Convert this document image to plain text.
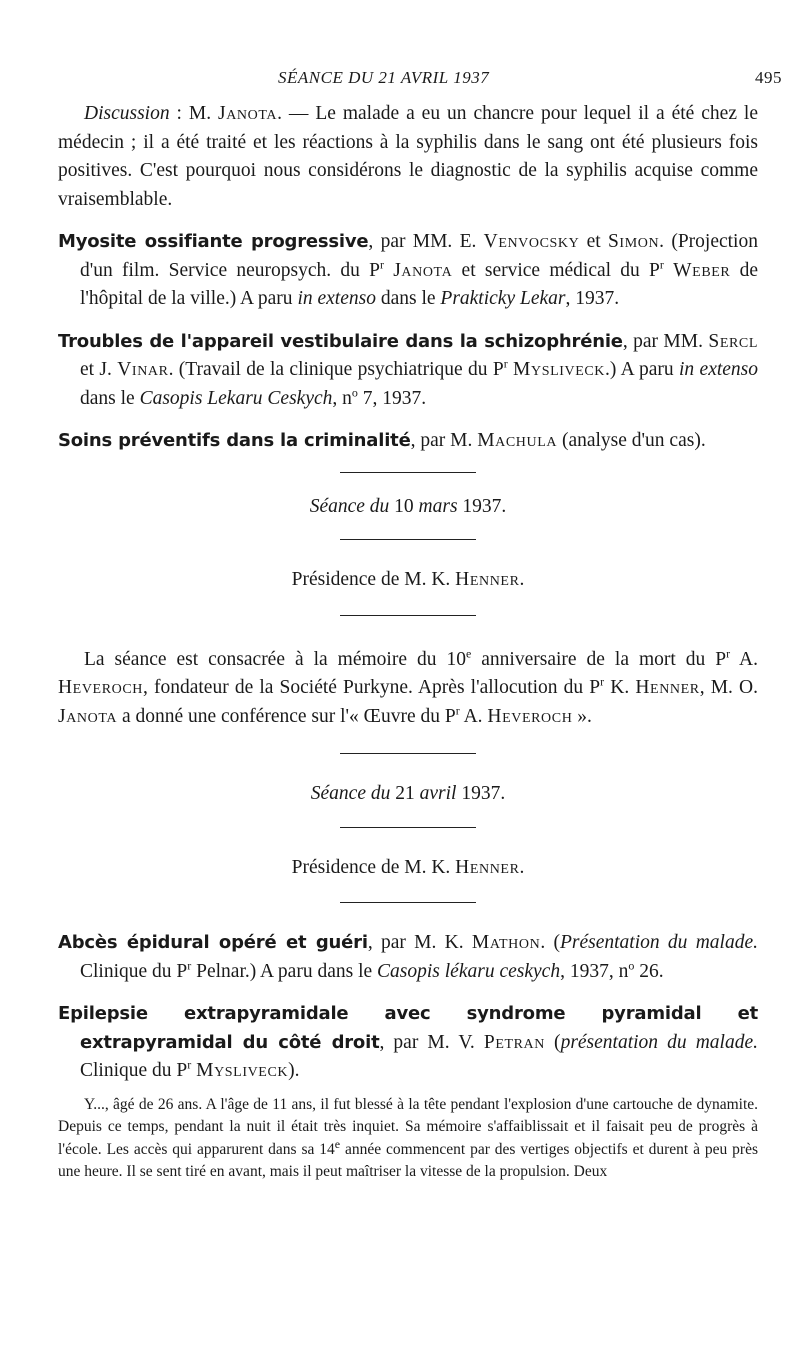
SÉANCE DU 21 AVRIL 1937	495

Discussion : M. Janota. — Le malade a eu un chancre pour lequel il a été chez le médecin ; il a été traité et les réactions à la syphilis dans le sang ont été plusieurs fois positives. C'est pourquoi nous considérons le diagnostic de la syphilis acquise comme vraisemblable.

Myosite ossifiante progressive, par MM. E. Venvocsky et Simon. (Projection d'un film. Service neuropsych. du $P^r$ Janota et service médical du $P^r$ Weber de l'hôpital de la ville.) A paru in extenso dans le Prakticky Lekar, 1937.

Troubles de l'appareil vestibulaire dans la schizophrénie, par MM. Sercl et J. Vinar. (Travail de la clinique psychiatrique du $P^r$ Mysliveck.) A paru in extenso dans le Casopis Lekaru Ceskych, $n^o$ 7, 1937.

Soins préventifs dans la criminalité, par M. Machula (analyse d'un cas).

Séance du 10 mars 1937.

Présidence de M. K. Henner.

La séance est consacrée à la mémoire du 10e anniversaire de la mort du $P^r$ A. Heveroch, fondateur de la Société Purkyne. Après l'allocution du $P^r$ K. Henner, M. O. Janota a donné une conférence sur l'« Œuvre du $P^r$ A. Heveroch ».

Séance du 21 avril 1937.

Présidence de M. K. Henner.

Abcès épidural opéré et guéri, par M. K. Mathon. (Présentation du malade. Clinique du $P^r$ Pelnar.) A paru dans le Casopis lékaru ceskych, 1937, $n^o$ 26.

Epilepsie extrapyramidale avec syndrome pyramidal et extrapyramidal du côté droit, par M. V. Petran (présentation du malade. Clinique du $P^r$ Mysliveck).

Y..., âgé de 26 ans. A l'âge de 11 ans, il fut blessé à la tête pendant l'explosion d'une cartouche de dynamite. Depuis ce temps, pendant la nuit il était très inquiet. Sa mémoire s'affaiblissait et il faisait peu de progrès à l'école. Les accès qui apparurent dans sa 14e année commencent par des vertiges objectifs et durent à peu près une heure. Il se sent tiré en avant, mais il peut maîtriser la vitesse de la propulsion. Deux
